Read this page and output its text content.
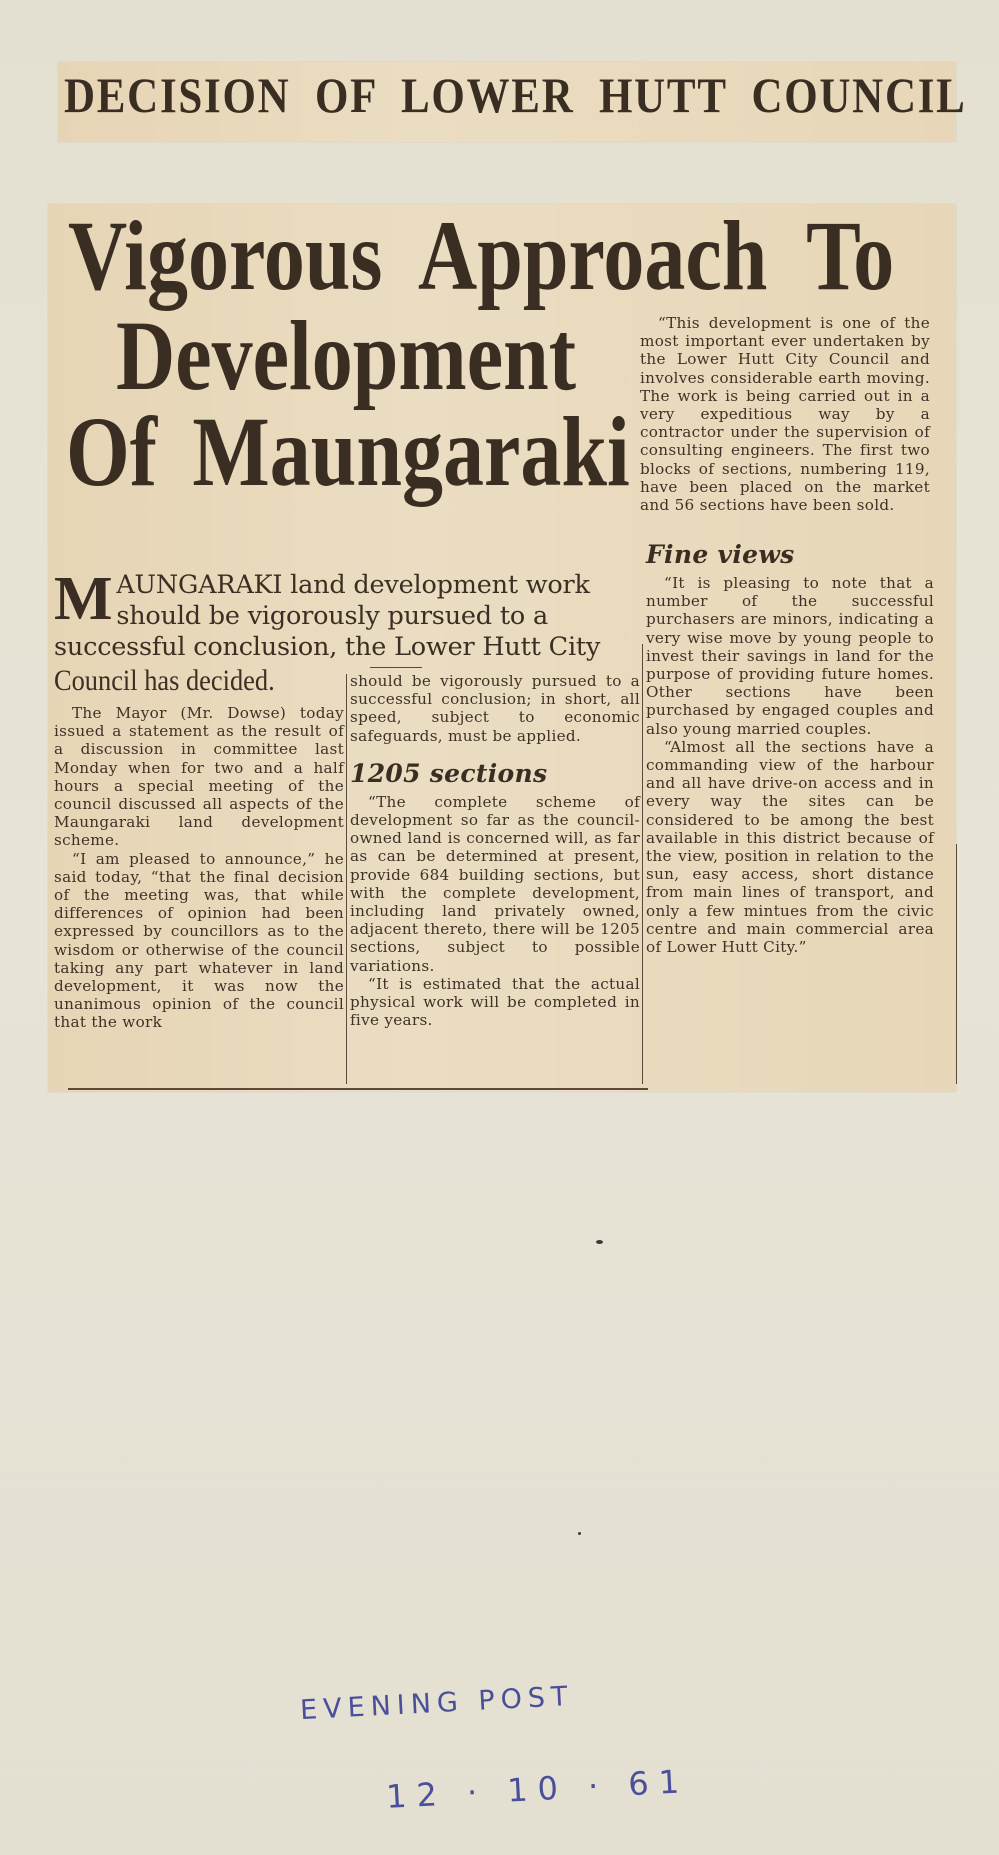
DECISION OF LOWER HUTT COUNCIL
Vigorous Approach To
Development
Of Maungaraki

“This development is one of the most important ever undertaken by the Lower Hutt City Council and involves considerable earth moving. The work is being carried out in a very expeditious way by a contractor under the supervision of consulting engineers. The first two blocks of sections, numbering 119, have been placed on the market and 56 sections have been sold.

MAUNGARAKI land development work should be vigorously pursued to a successful conclusion, the Lower Hutt City
Council has decided.

The Mayor (Mr. Dowse) today issued a statement as the result of a discussion in committee last Monday when for two and a half hours a special meeting of the council discussed all aspects of the Maungaraki land development scheme.

“I am pleased to announce,” he said today, “that the final decision of the meeting was, that while differences of opinion had been expressed by councillors as to the wisdom or otherwise of the council taking any part whatever in land development, it was now the unanimous opinion of the council that the work

should be vigorously pursued to a successful conclusion; in short, all speed, subject to economic safeguards, must be applied.

1205 sections

“The complete scheme of development so far as the council-owned land is concerned will, as far as can be determined at present, provide 684 building sections, but with the complete development, including land privately owned, adjacent thereto, there will be 1205 sections, subject to possible variations.

“It is estimated that the actual physical work will be completed in five years.

Fine views

“It is pleasing to note that a number of the successful purchasers are minors, indicating a very wise move by young people to invest their savings in land for the purpose of providing future homes. Other sections have been purchased by engaged couples and also young married couples.

“Almost all the sections have a commanding view of the harbour and all have drive-on access and in every way the sites can be considered to be among the best available in this district because of the view, position in relation to the sun, easy access, short distance from main lines of transport, and only a few mintues from the civic centre and main commercial area of Lower Hutt City.”

EVENING POST
12 · 10 · 61
